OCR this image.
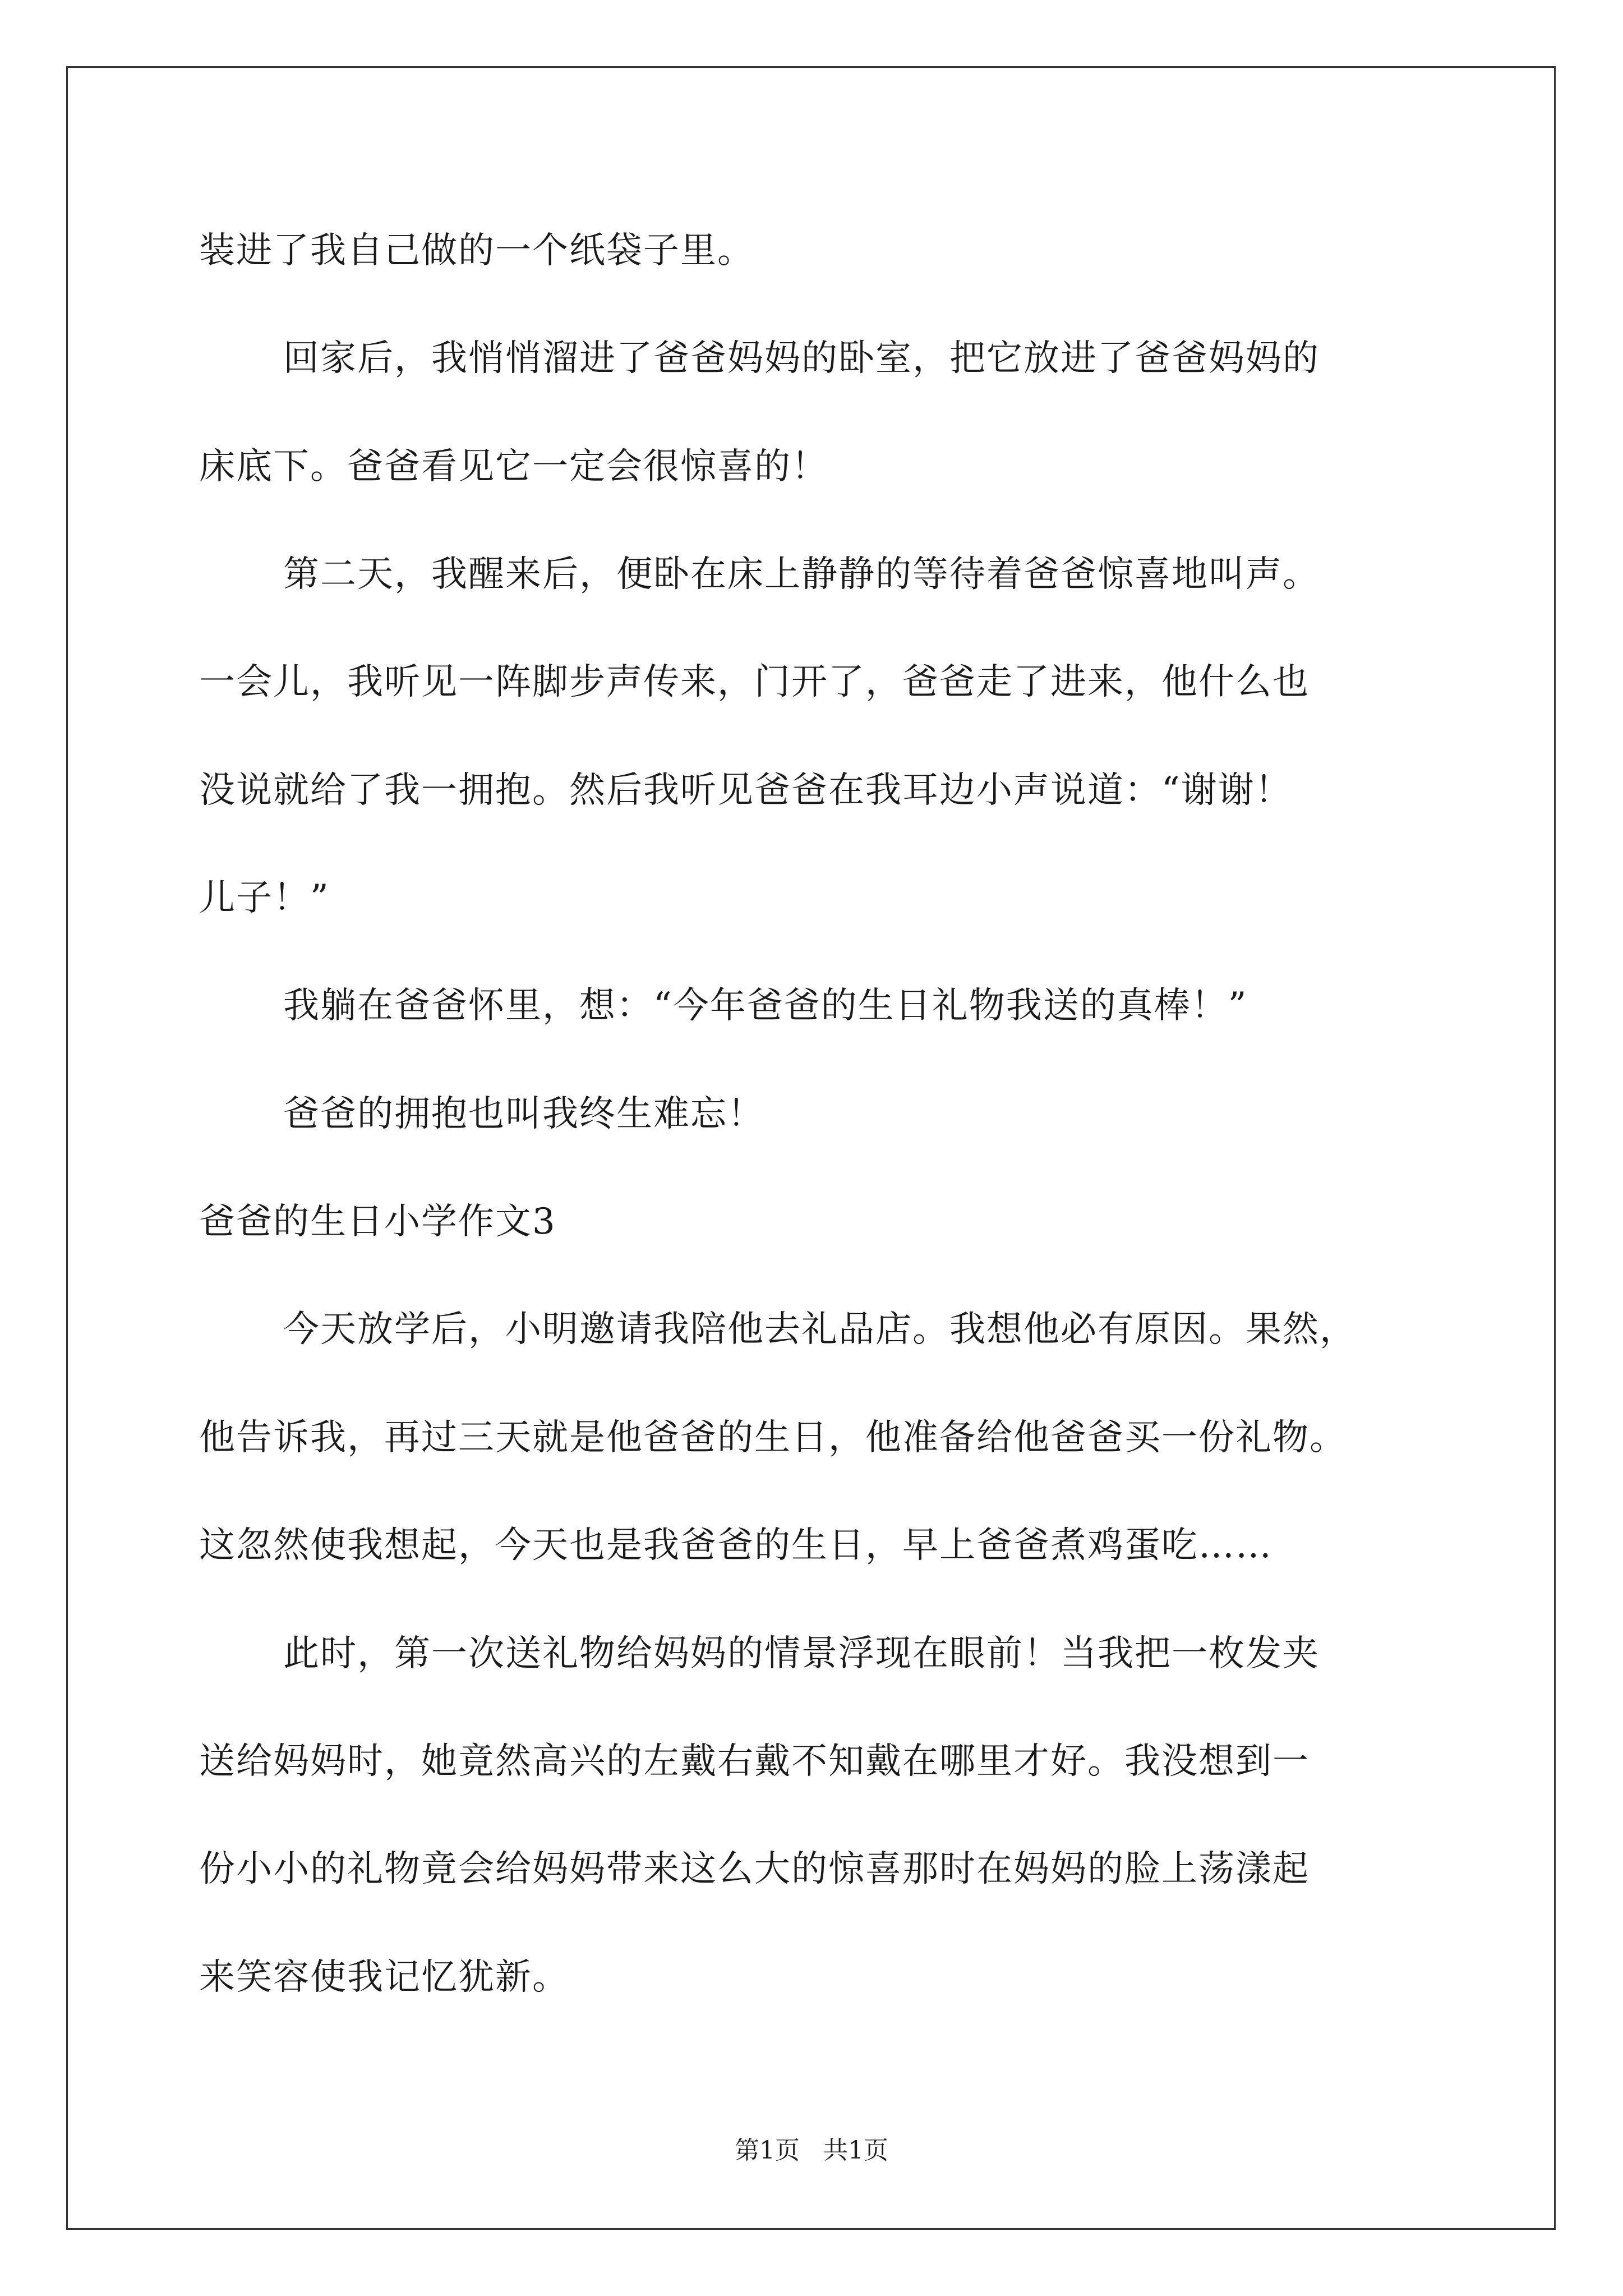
装进了我自己做的一个纸袋子里。
回家后，我悄悄溜进了爸爸妈妈的卧室，把它放进了爸爸妈妈的
床底下。爸爸看见它一定会很惊喜的！
第二天，我醒来后，便卧在床上静静的等待着爸爸惊喜地叫声。
一会儿，我听见一阵脚步声传来，门开了，爸爸走了进来，他什么也
没说就给了我一拥抱。然后我听见爸爸在我耳边小声说道：“谢谢！
儿子！”
我躺在爸爸怀里，想：“今年爸爸的生日礼物我送的真棒！”
爸爸的拥抱也叫我终生难忘！
爸爸的生日小学作文3
今天放学后，小明邀请我陪他去礼品店。我想他必有原因。果然，
他告诉我，再过三天就是他爸爸的生日，他准备给他爸爸买一份礼物。
这忽然使我想起，今天也是我爸爸的生日，早上爸爸煮鸡蛋吃……
此时，第一次送礼物给妈妈的情景浮现在眼前！当我把一枚发夹
送给妈妈时，她竟然高兴的左戴右戴不知戴在哪里才好。我没想到一
份小小的礼物竟会给妈妈带来这么大的惊喜那时在妈妈的脸上荡漾起
来笑容使我记忆犹新。
第1页   共1页
